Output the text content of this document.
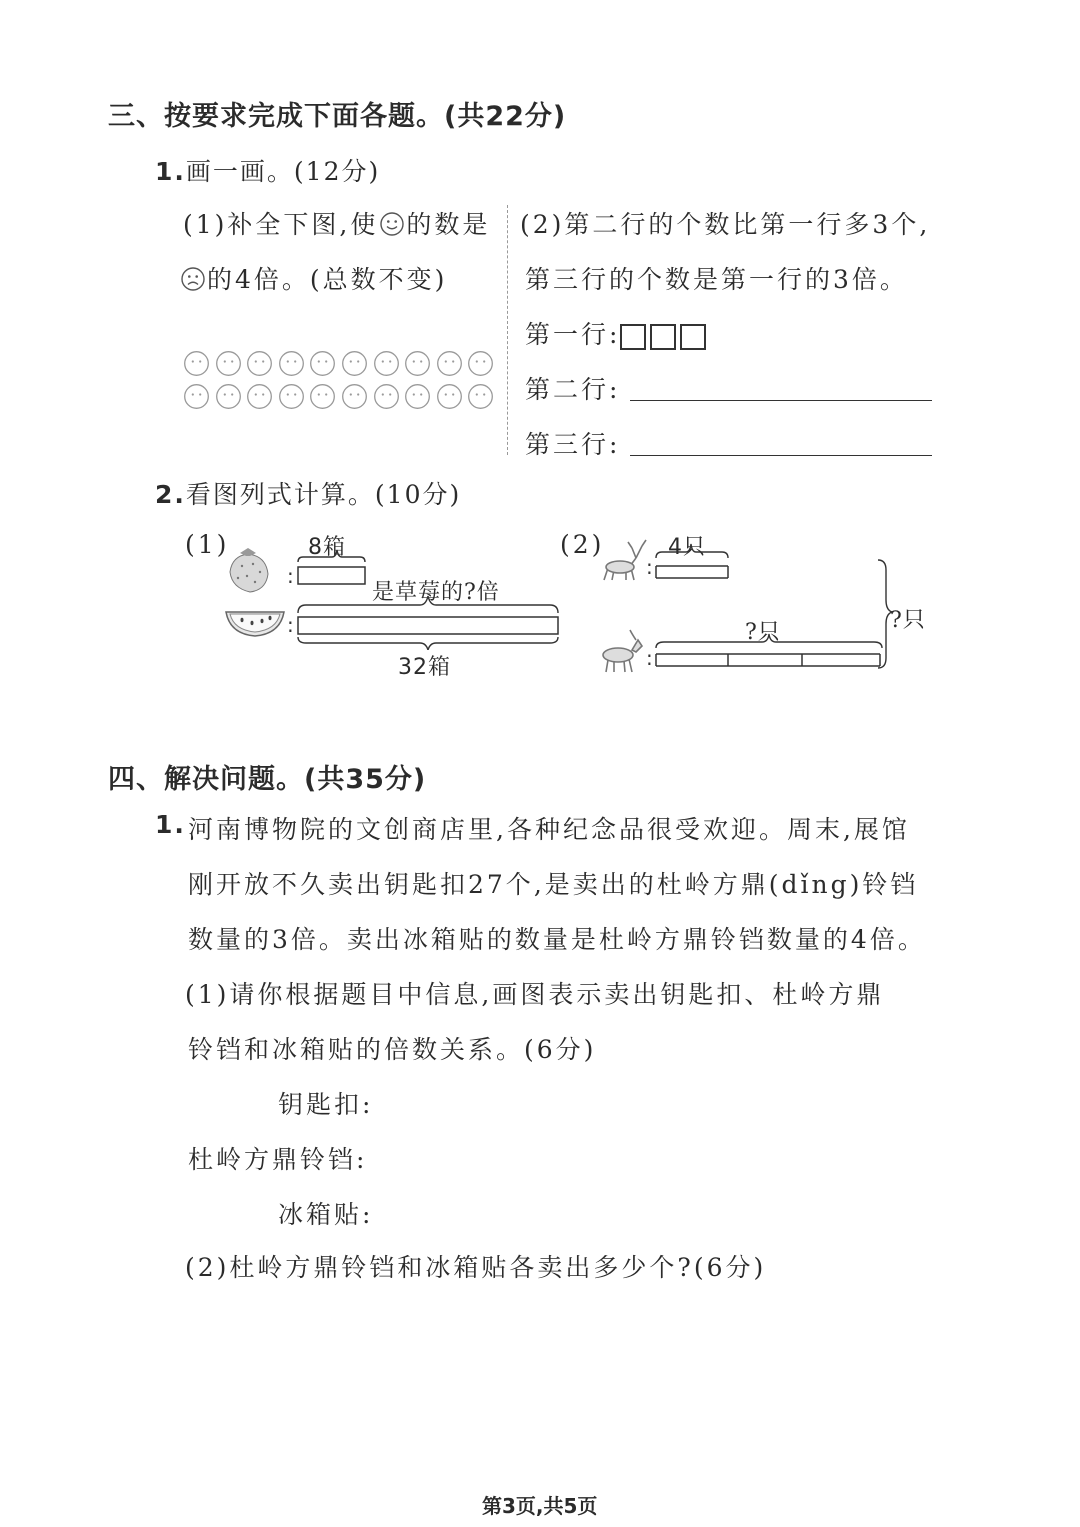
三、按要求完成下面各题。(共22分)
1.画一画。(12分)
(1)补全下图,使 的数是
的4倍。(总数不变)
(2)第二行的个数比第一行多3个,
第三行的个数是第一行的3倍。
第一行:
第二行:
第三行:
2.看图列式计算。(10分)
(1)	8箱
是草莓的?倍
32箱
:
:
(2)	4只
?只	?只
:
:
四、解决问题。(共35分)
1. 河南博物院的文创商店里,各种纪念品很受欢迎。周末,展馆
刚开放不久卖出钥匙扣27个,是卖出的杜岭方鼎(dǐng)铃铛
数量的3倍。卖出冰箱贴的数量是杜岭方鼎铃铛数量的4倍。
(1)请你根据题目中信息,画图表示卖出钥匙扣、杜岭方鼎
铃铛和冰箱贴的倍数关系。(6分)
钥匙扣:
杜岭方鼎铃铛:
冰箱贴:
(2)杜岭方鼎铃铛和冰箱贴各卖出多少个?(6分)
第3页,共5页
